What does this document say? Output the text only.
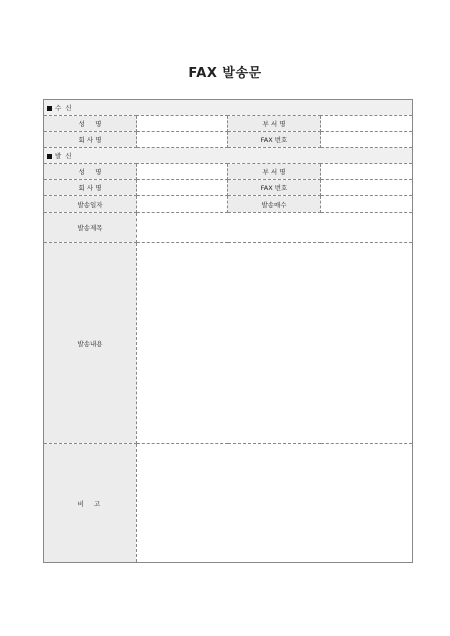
FAX 발송문
수  신			
성     명		부 서 명	
회 사 명		FAX 번호	
발  신			
성     명		부 서 명	
회 사 명		FAX 번호	
발송일자		발송매수	
발송제목			
발송내용			
비  고			
